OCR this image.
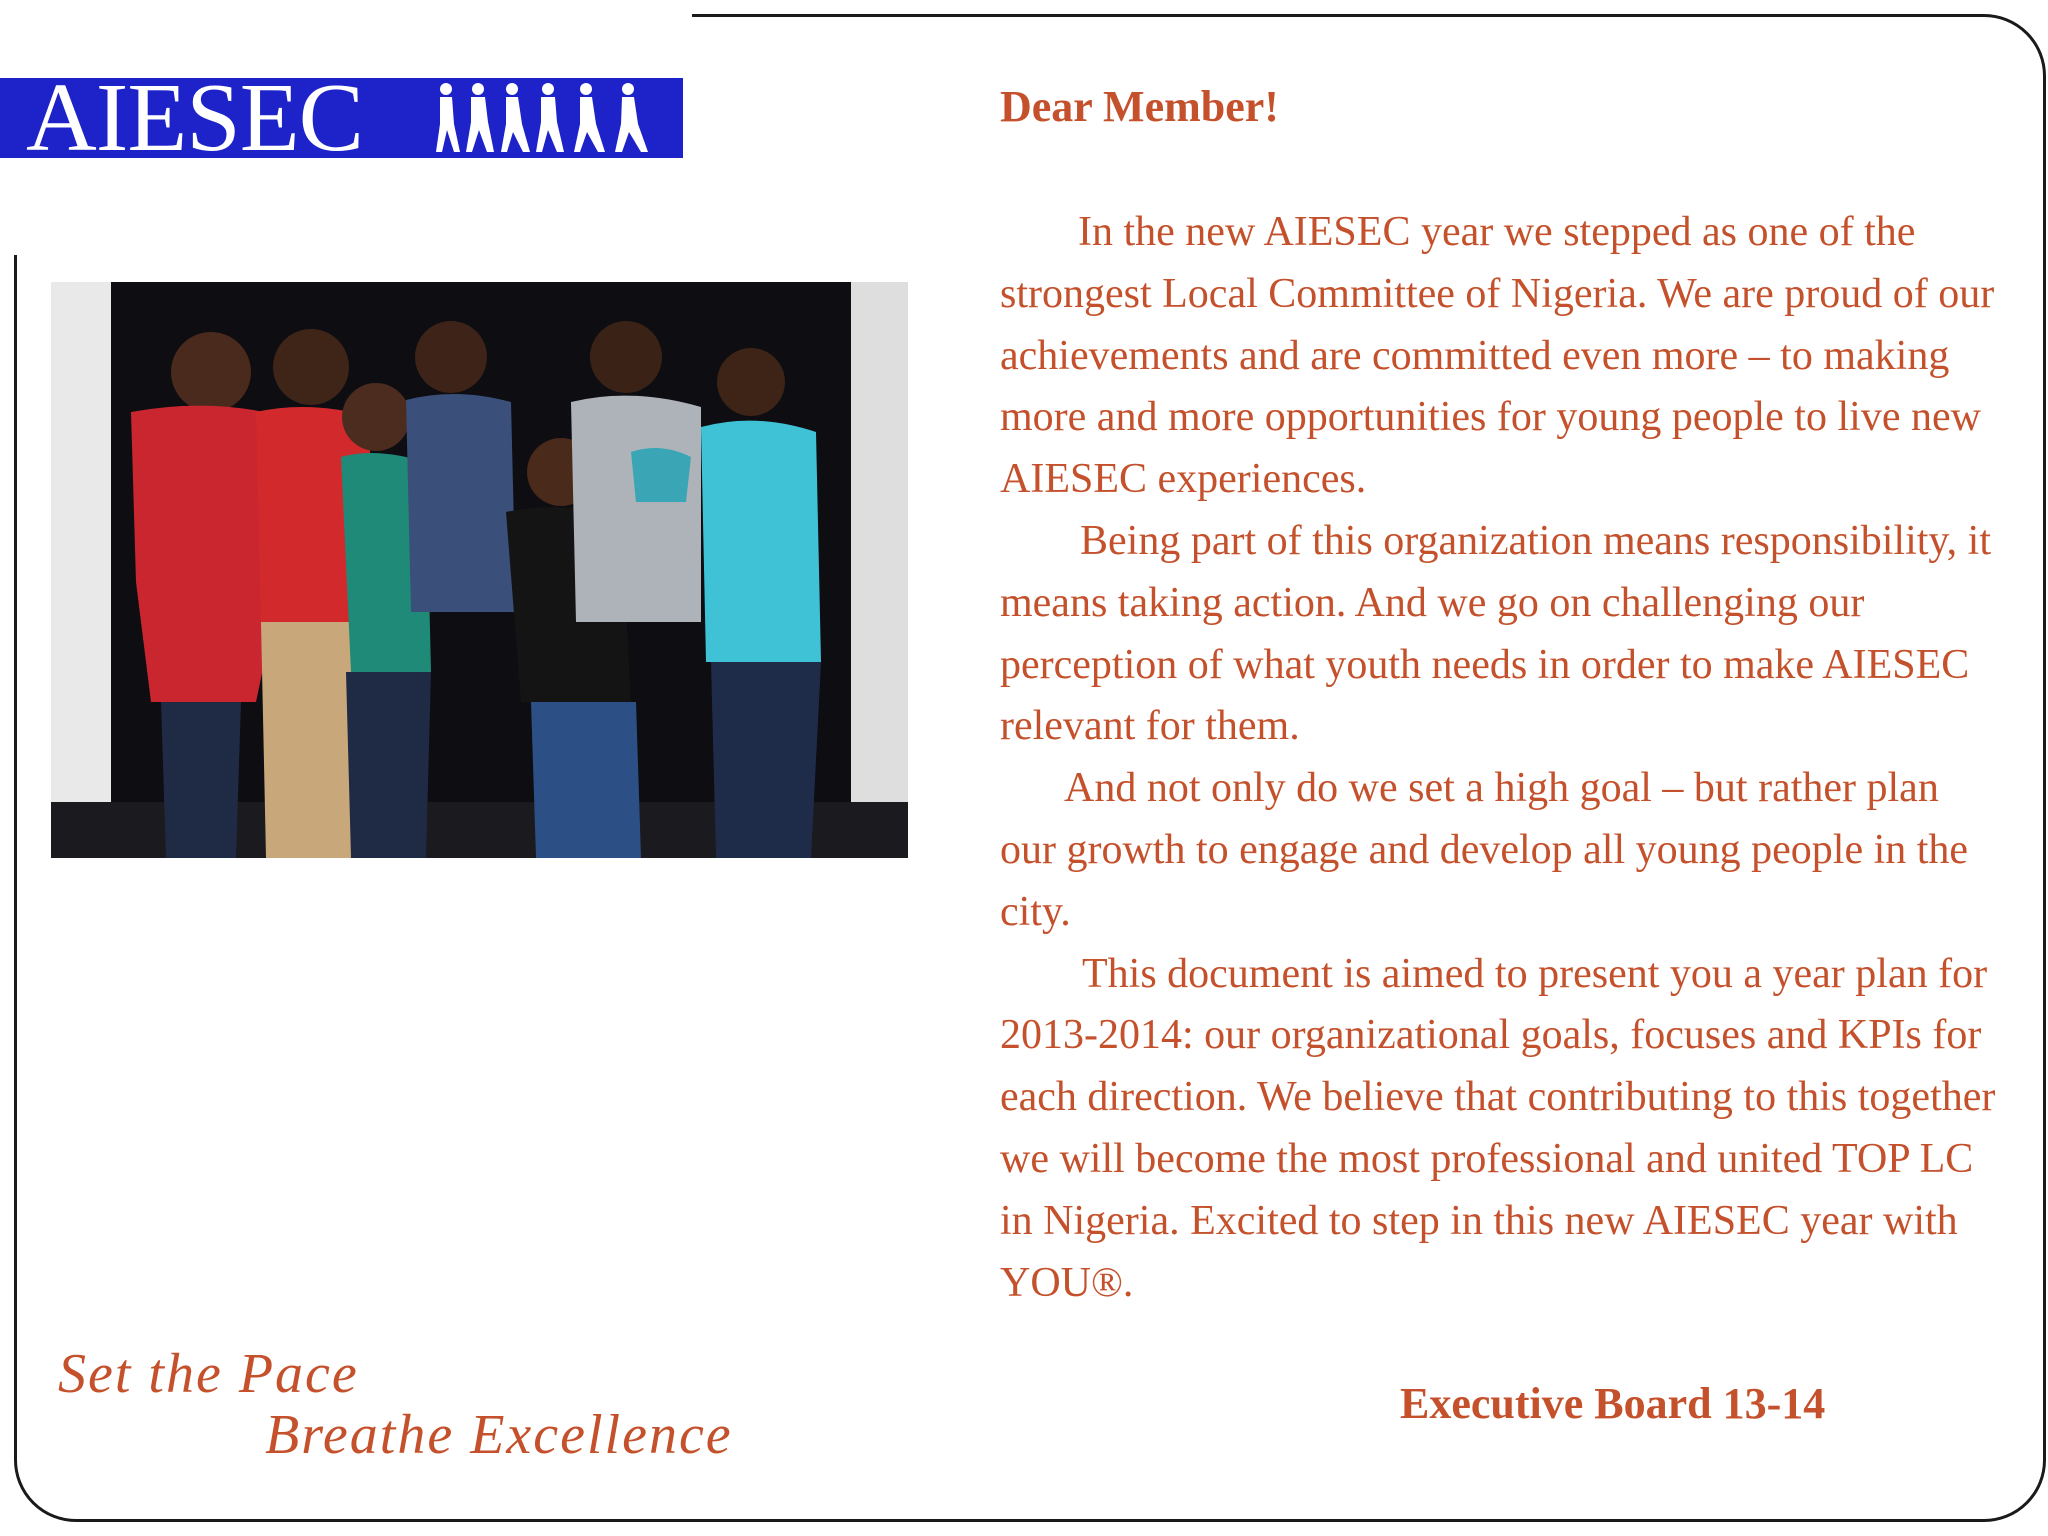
AIESEC	Dear Member!

In the new AIESEC year we stepped as one of the strongest Local Committee of Nigeria. We are proud of our achievements and are committed even more – to making more and more opportunities for young people to live new AIESEC experiences.

Being part of this organization means responsibility, it means taking action. And we go on challenging our perception of what youth needs in order to make AIESEC relevant for them.

And not only do we set a high goal – but rather plan our growth to engage and develop all young people in the city.

This document is aimed to present you a year plan for 2013-2014: our organizational goals, focuses and KPIs for each direction. We believe that contributing to this together we will become the most professional and united TOP LC in Nigeria. Excited to step in this new AIESEC year with YOU®.

Executive Board 13-14
Set the Pace
Breathe Excellence
